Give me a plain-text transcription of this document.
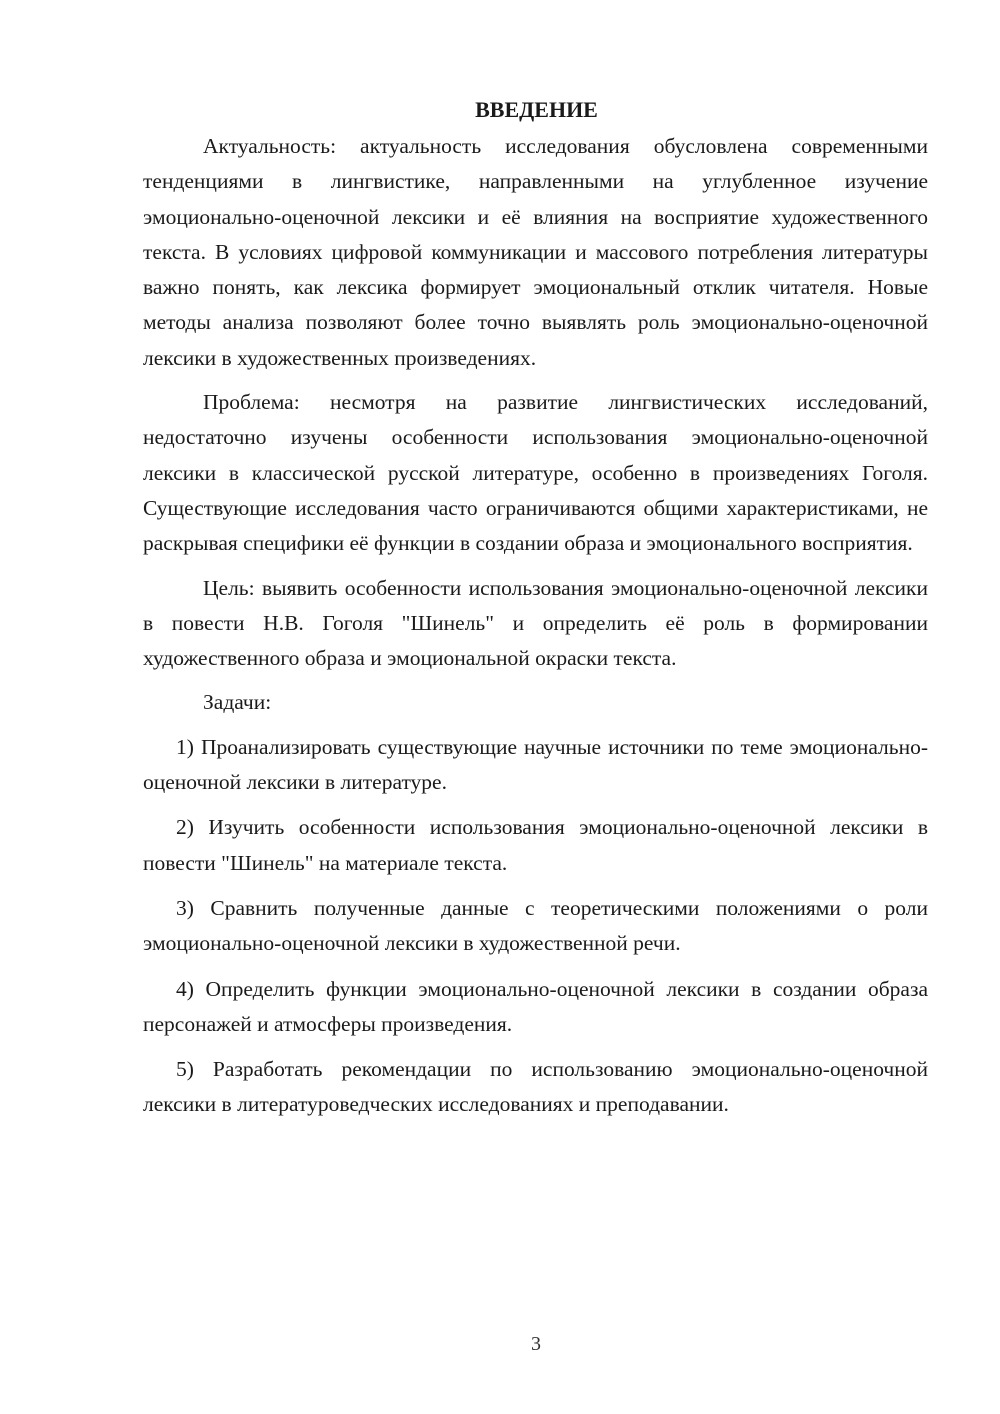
ВВЕДЕНИЕ

Актуальность: актуальность исследования обусловлена современными тенденциями в лингвистике, направленными на углубленное изучение эмоционально-оценочной лексики и её влияния на восприятие художественного текста. В условиях цифровой коммуникации и массового потребления литературы важно понять, как лексика формирует эмоциональный отклик читателя. Новые методы анализа позволяют более точно выявлять роль эмоционально-оценочной лексики в художественных произведениях.

Проблема: несмотря на развитие лингвистических исследований, недостаточно изучены особенности использования эмоционально-оценочной лексики в классической русской литературе, особенно в произведениях Гоголя. Существующие исследования часто ограничиваются общими характеристиками, не раскрывая специфики её функции в создании образа и эмоционального восприятия.

Цель: выявить особенности использования эмоционально-оценочной лексики в повести Н.В. Гоголя "Шинель" и определить её роль в формировании художественного образа и эмоциональной окраски текста.

Задачи:

1) Проанализировать существующие научные источники по теме эмоционально-оценочной лексики в литературе.

2) Изучить особенности использования эмоционально-оценочной лексики в повести "Шинель" на материале текста.

3) Сравнить полученные данные с теоретическими положениями о роли эмоционально-оценочной лексики в художественной речи.

4) Определить функции эмоционально-оценочной лексики в создании образа персонажей и атмосферы произведения.

5) Разработать рекомендации по использованию эмоционально-оценочной лексики в литературоведческих исследованиях и преподавании.

3
